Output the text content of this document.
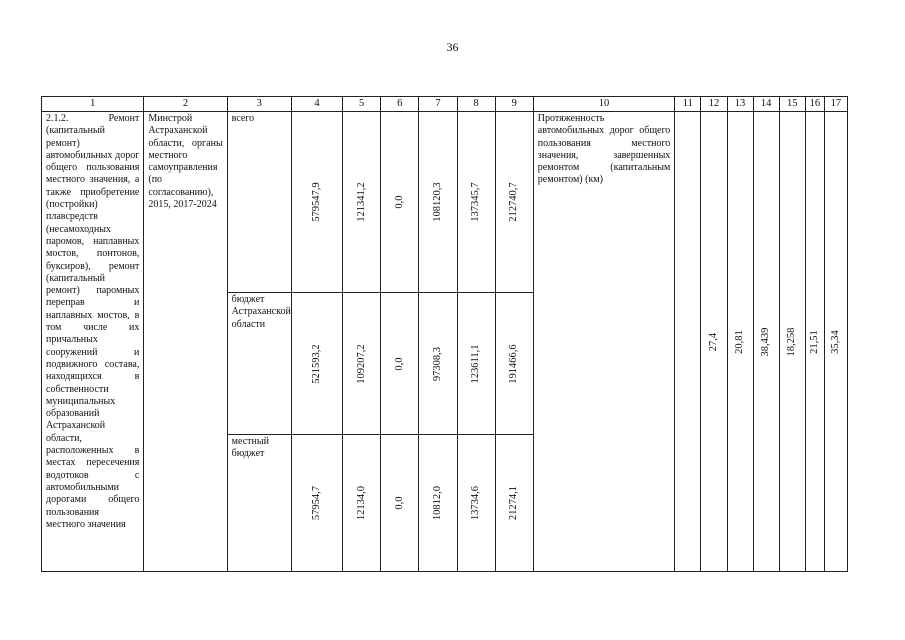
36
1	2	3	4	5	6	7	8	9	10	11	12	13	14	15	16	17
2.1.2. Ремонт (капитальный ремонт) автомобильных дорог общего пользования местного значения, а также приобретение (постройки) плавсредств (несамоходных паромов, наплавных мостов, понтонов, буксиров), ремонт (капитальный ремонт) паромных переправ и наплавных мостов, в том числе их причальных сооружений и подвижного состава, находящихся в собственности муниципальных образований Астраханской области, расположенных в местах пересечения водотоков с автомобильными дорогами общего пользования местного значения	Минстрой Астраханской области, органы местного самоуправления (по согласованию), 2015, 2017-2024	всего	579547,9	121341,2	0,0	108120,3	137345,7	212740,7	Протяженность автомобильных дорог общего пользования местного значения, завершенных ремонтом (капитальным ремонтом) (км)		27,4	20,81	38,439	18,258	21,51	35,34

		бюджет Астраханской области	521593,2	109207,2	0,0	97308,3	123611,1	191466,6								

		местный бюджет	57954,7	12134,0	0,0	10812,0	13734,6	21274,1								
